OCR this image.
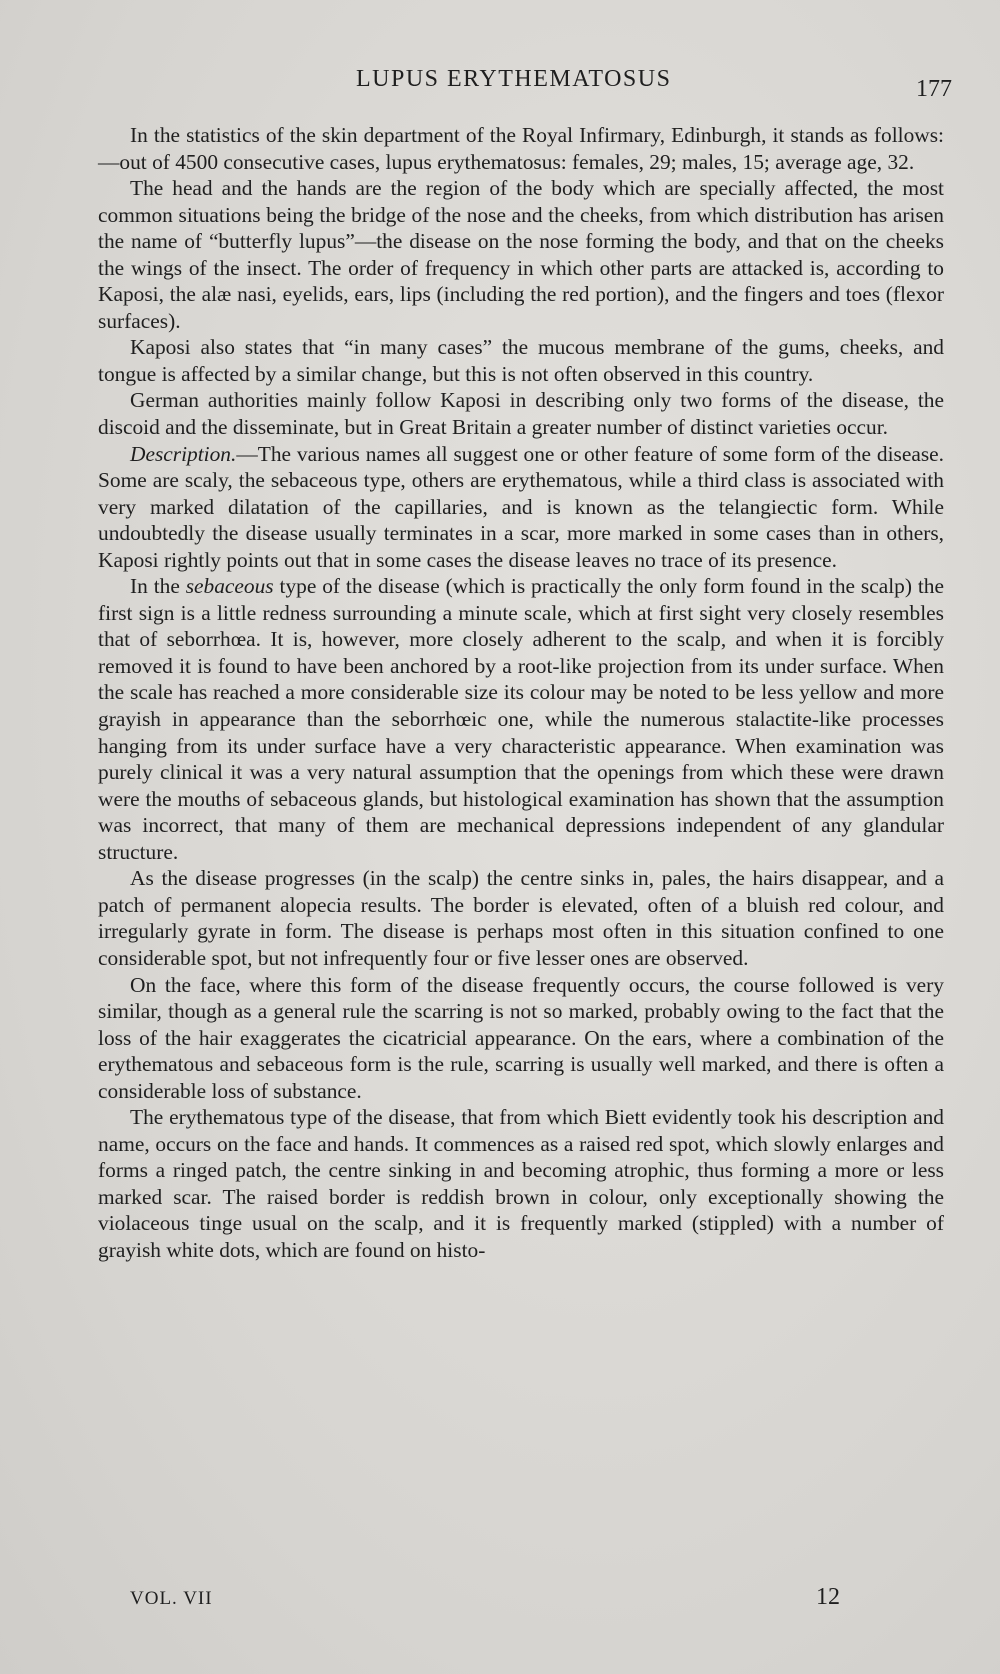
LUPUS ERYTHEMATOSUS	177

In the statistics of the skin department of the Royal Infirmary, Edinburgh, it stands as follows:—out of 4500 consecutive cases, lupus erythematosus: females, 29; males, 15; average age, 32.

The head and the hands are the region of the body which are specially affected, the most common situations being the bridge of the nose and the cheeks, from which distribution has arisen the name of “butterfly lupus”—the disease on the nose forming the body, and that on the cheeks the wings of the insect. The order of frequency in which other parts are attacked is, according to Kaposi, the alæ nasi, eyelids, ears, lips (including the red portion), and the fingers and toes (flexor surfaces).

Kaposi also states that “in many cases” the mucous membrane of the gums, cheeks, and tongue is affected by a similar change, but this is not often observed in this country.

German authorities mainly follow Kaposi in describing only two forms of the disease, the discoid and the disseminate, but in Great Britain a greater number of distinct varieties occur.

Description.—The various names all suggest one or other feature of some form of the disease. Some are scaly, the sebaceous type, others are erythematous, while a third class is associated with very marked dilatation of the capillaries, and is known as the telangiectic form. While undoubtedly the disease usually terminates in a scar, more marked in some cases than in others, Kaposi rightly points out that in some cases the disease leaves no trace of its presence.

In the sebaceous type of the disease (which is practically the only form found in the scalp) the first sign is a little redness surrounding a minute scale, which at first sight very closely resembles that of seborrhœa. It is, however, more closely adherent to the scalp, and when it is forcibly removed it is found to have been anchored by a root-like projection from its under surface. When the scale has reached a more considerable size its colour may be noted to be less yellow and more grayish in appearance than the seborrhœic one, while the numerous stalactite-like processes hanging from its under surface have a very characteristic appearance. When examination was purely clinical it was a very natural assumption that the openings from which these were drawn were the mouths of sebaceous glands, but histological examination has shown that the assumption was incorrect, that many of them are mechanical depressions independent of any glandular structure.

As the disease progresses (in the scalp) the centre sinks in, pales, the hairs disappear, and a patch of permanent alopecia results. The border is elevated, often of a bluish red colour, and irregularly gyrate in form. The disease is perhaps most often in this situation confined to one considerable spot, but not infrequently four or five lesser ones are observed.

On the face, where this form of the disease frequently occurs, the course followed is very similar, though as a general rule the scarring is not so marked, probably owing to the fact that the loss of the hair exaggerates the cicatricial appearance. On the ears, where a combination of the erythematous and sebaceous form is the rule, scarring is usually well marked, and there is often a considerable loss of substance.

The erythematous type of the disease, that from which Biett evidently took his description and name, occurs on the face and hands. It commences as a raised red spot, which slowly enlarges and forms a ringed patch, the centre sinking in and becoming atrophic, thus forming a more or less marked scar. The raised border is reddish brown in colour, only exceptionally showing the violaceous tinge usual on the scalp, and it is frequently marked (stippled) with a number of grayish white dots, which are found on histo-

VOL. VII	12
